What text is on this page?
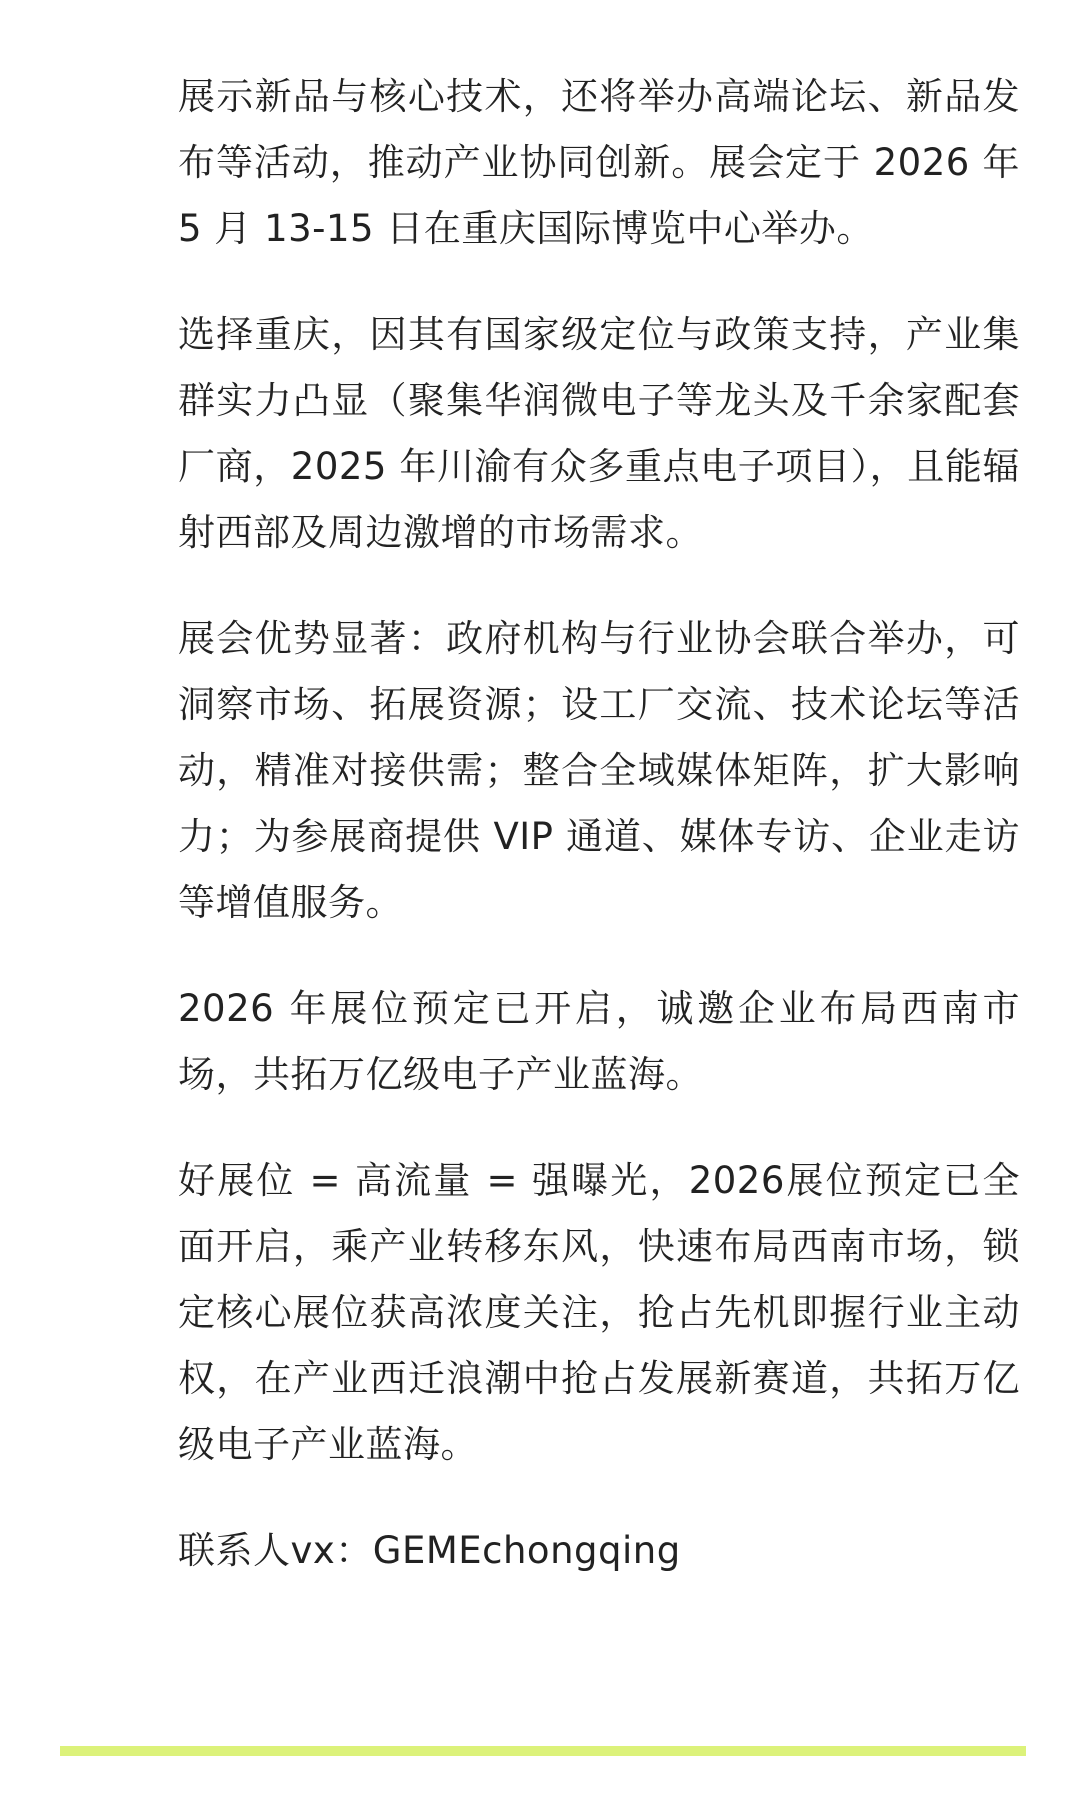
展示新品与核心技术，还将举办高端论坛、新品发布等活动，推动产业协同创新。展会定于 2026 年 5 月 13-15 日在重庆国际博览中心举办。

选择重庆，因其有国家级定位与政策支持，产业集群实力凸显（聚集华润微电子等龙头及千余家配套厂商，2025 年川渝有众多重点电子项目），且能辐射西部及周边激增的市场需求。

展会优势显著：政府机构与行业协会联合举办，可洞察市场、拓展资源；设工厂交流、技术论坛等活动，精准对接供需；整合全域媒体矩阵，扩大影响力；为参展商提供 VIP 通道、媒体专访、企业走访等增值服务。

2026 年展位预定已开启，诚邀企业布局西南市场，共拓万亿级电子产业蓝海。

好展位 = 高流量 = 强曝光，2026展位预定已全面开启，乘产业转移东风，快速布局西南市场，锁定核心展位获高浓度关注，抢占先机即握行业主动权，在产业西迁浪潮中抢占发展新赛道，共拓万亿级电子产业蓝海。

联系人vx：GEMEchongqing
